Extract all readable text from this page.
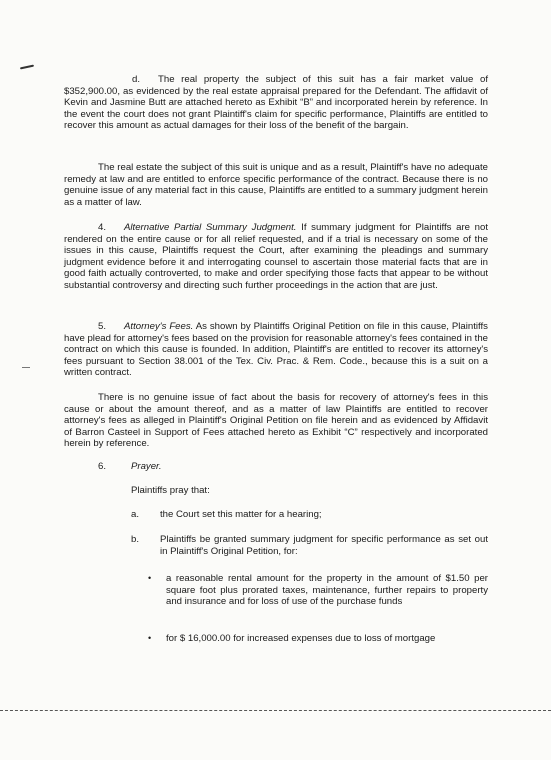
d. The real property the subject of this suit has a fair market value of $352,900.00, as evidenced by the real estate appraisal prepared for the Defendant. The affidavit of Kevin and Jasmine Butt are attached hereto as Exhibit “B” and incorporated herein by reference. In the event the court does not grant Plaintiff's claim for specific performance, Plaintiffs are entitled to recover this amount as actual damages for their loss of the benefit of the bargain.

The real estate the subject of this suit is unique and as a result, Plaintiff's have no adequate remedy at law and are entitled to enforce specific performance of the contract. Because there is no genuine issue of any material fact in this cause, Plaintiffs are entitled to a summary judgment herein as a matter of law.

4. Alternative Partial Summary Judgment. If summary judgment for Plaintiffs are not rendered on the entire cause or for all relief requested, and if a trial is necessary on some of the issues in this cause, Plaintiffs request the Court, after examining the pleadings and summary judgment evidence before it and interrogating counsel to ascertain those material facts that are in good faith actually controverted, to make and order specifying those facts that appear to be without substantial controversy and directing such further proceedings in the action that are just.

5. Attorney's Fees. As shown by Plaintiffs Original Petition on file in this cause, Plaintiffs have plead for attorney's fees based on the provision for reasonable attorney's fees contained in the contract on which this cause is founded. In addition, Plaintiff's are entitled to recover its attorney's fees pursuant to Section 38.001 of the Tex. Civ. Prac. & Rem. Code., because this is a suit on a written contract.

There is no genuine issue of fact about the basis for recovery of attorney's fees in this cause or about the amount thereof, and as a matter of law Plaintiffs are entitled to recover attorney's fees as alleged in Plaintiff's Original Petition on file herein and as evidenced by Affidavit of Barron Casteel in Support of Fees attached hereto as Exhibit “C” respectively and incorporated herein by reference.

6.	Prayer.
Plaintiffs pray that:
a. the Court set this matter for a hearing;
b. Plaintiffs be granted summary judgment for specific performance as set out in Plaintiff's Original Petition, for:

• a reasonable rental amount for the property in the amount of $1.50 per square foot plus prorated taxes, maintenance, further repairs to property and insurance and for loss of use of the purchase funds

• for $ 16,000.00 for increased expenses due to loss of mortgage
